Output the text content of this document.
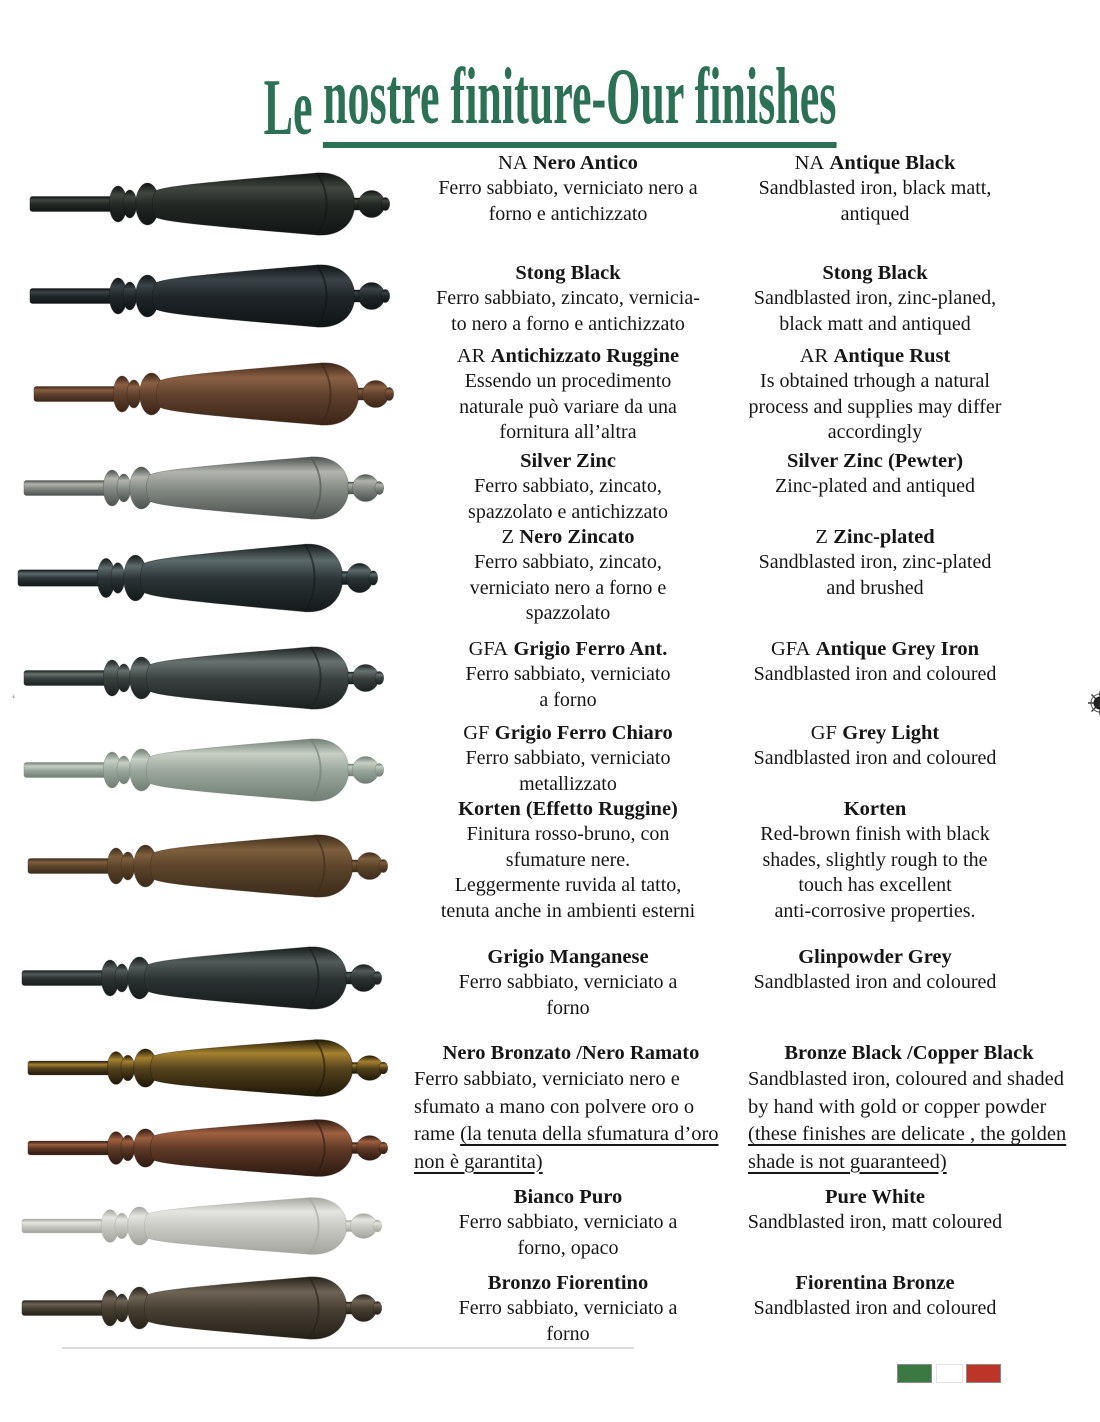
Le nostre finiture-Our finishes
NA Nero Antico
Ferro sabbiato, verniciato nero a
forno e antichizzato
NA Antique Black
Sandblasted iron, black matt,
antiqued
Stong Black
Ferro sabbiato, zincato, vernicia-
to nero a forno e antichizzato
Stong Black
Sandblasted iron, zinc-planed,
black matt and antiqued
AR Antichizzato Ruggine
Essendo un procedimento
naturale può variare da una
fornitura all’altra
AR Antique Rust
Is obtained trhough a natural
process and supplies may differ
accordingly
Silver Zinc
Ferro sabbiato, zincato,
spazzolato e antichizzato
Silver Zinc (Pewter)
Zinc-plated and antiqued
Z Nero Zincato
Ferro sabbiato, zincato,
verniciato nero a forno e
spazzolato
Z Zinc-plated
Sandblasted iron, zinc-plated
and brushed
GFA Grigio Ferro Ant.
Ferro sabbiato, verniciato
a forno
GFA Antique Grey Iron
Sandblasted iron and coloured
GF Grigio Ferro Chiaro
Ferro sabbiato, verniciato
metallizzato
GF Grey Light
Sandblasted iron and coloured
Korten (Effetto Ruggine)
Finitura rosso-bruno, con
sfumature nere.
Leggermente ruvida al tatto,
tenuta anche in ambienti esterni
Korten
Red-brown finish with black
shades, slightly rough to the
touch has excellent
anti-corrosive properties.
Grigio Manganese
Ferro sabbiato, verniciato a
forno
Glinpowder Grey
Sandblasted iron and coloured
Nero Bronzato /Nero Ramato
Ferro sabbiato, verniciato nero e
sfumato a mano con polvere oro o
rame (la tenuta della sfumatura d’oro
non è garantita)
Bronze Black /Copper Black
Sandblasted iron, coloured and shaded
by hand with gold or copper powder
(these finishes are delicate , the golden
shade is not guaranteed)
Bianco Puro
Ferro sabbiato, verniciato a
forno, opaco
Pure White
Sandblasted iron, matt coloured
Bronzo Fiorentino
Ferro sabbiato, verniciato a
forno
Fiorentina Bronze
Sandblasted iron and coloured
‘
